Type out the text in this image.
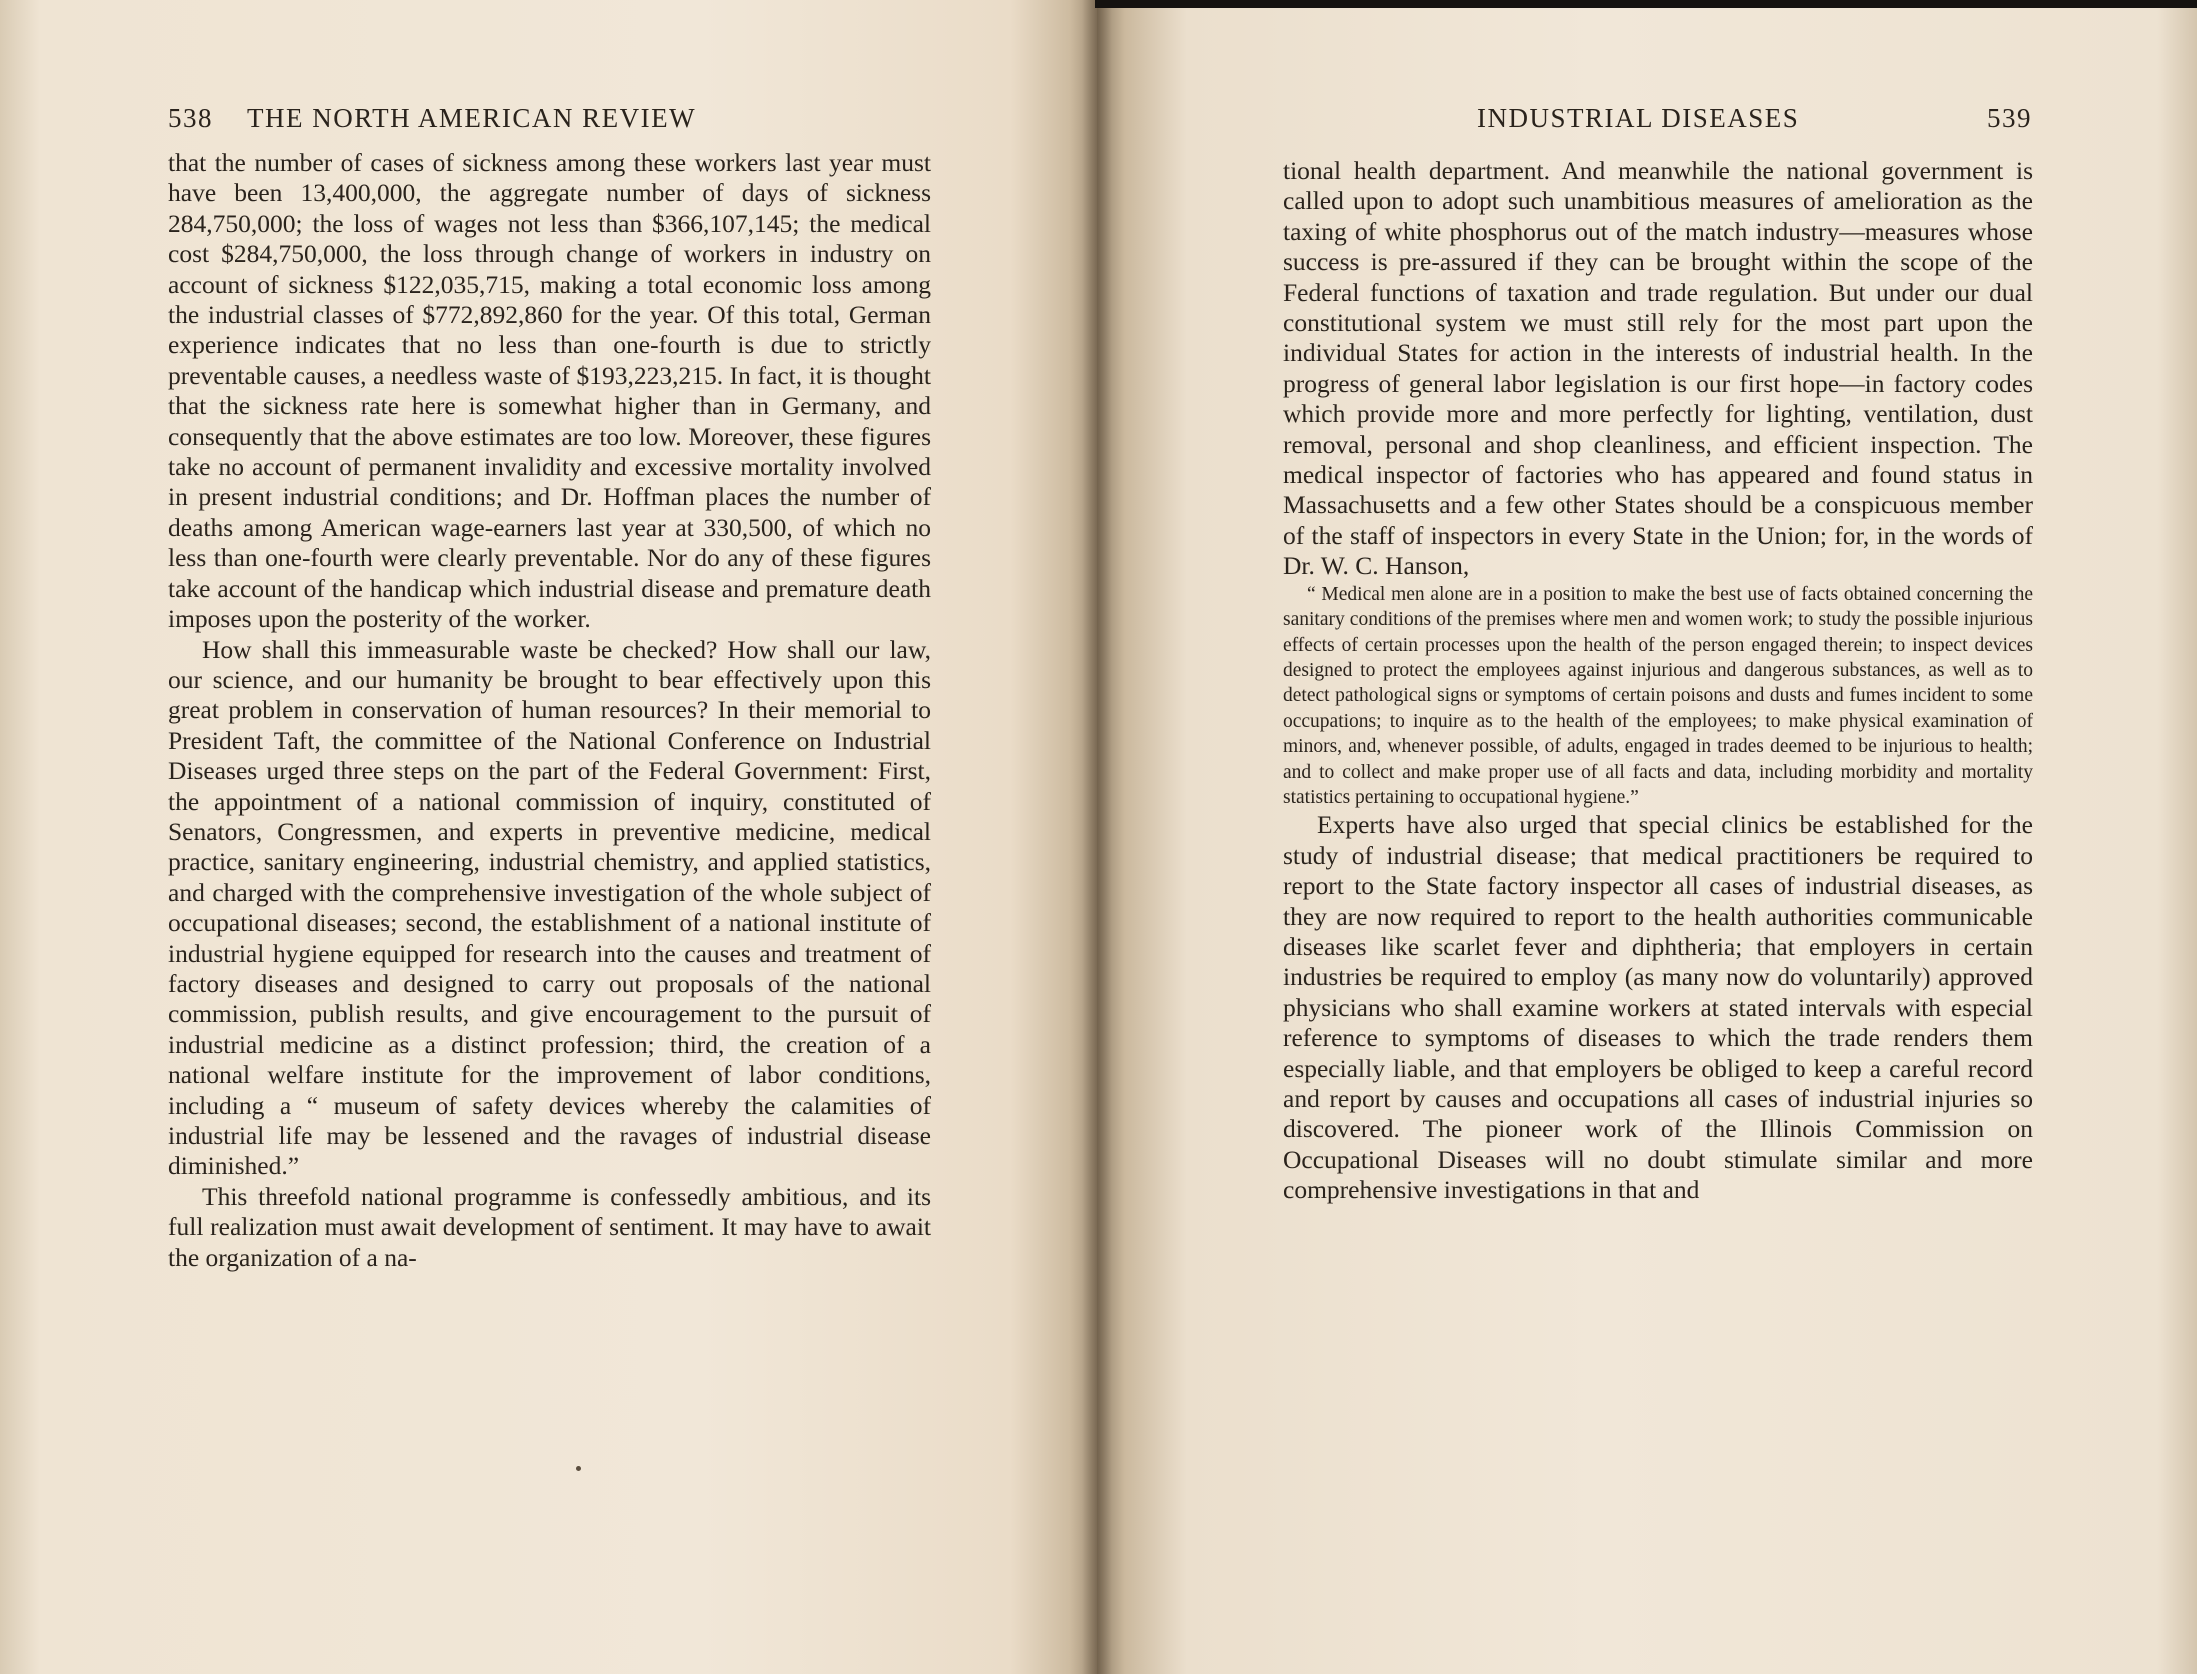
538 THE NORTH AMERICAN REVIEW

that the number of cases of sickness among these workers last year must have been 13,400,000, the aggregate number of days of sickness 284,750,000; the loss of wages not less than $366,107,145; the medical cost $284,750,000, the loss through change of workers in industry on account of sickness $122,035,715, making a total economic loss among the industrial classes of $772,892,860 for the year. Of this total, German experience indicates that no less than one-fourth is due to strictly preventable causes, a needless waste of $193,223,215. In fact, it is thought that the sickness rate here is somewhat higher than in Germany, and consequently that the above estimates are too low. Moreover, these figures take no account of permanent invalidity and excessive mortality involved in present industrial conditions; and Dr. Hoffman places the number of deaths among American wage-earners last year at 330,500, of which no less than one-fourth were clearly preventable. Nor do any of these figures take account of the handicap which industrial disease and premature death imposes upon the posterity of the worker.

How shall this immeasurable waste be checked? How shall our law, our science, and our humanity be brought to bear effectively upon this great problem in conservation of human resources? In their memorial to President Taft, the committee of the National Conference on Industrial Diseases urged three steps on the part of the Federal Government: First, the appointment of a national commission of inquiry, constituted of Senators, Congressmen, and experts in preventive medicine, medical practice, sanitary engineering, industrial chemistry, and applied statistics, and charged with the comprehensive investigation of the whole subject of occupational diseases; second, the establishment of a national institute of industrial hygiene equipped for research into the causes and treatment of factory diseases and designed to carry out proposals of the national commission, publish results, and give encouragement to the pursuit of industrial medicine as a distinct profession; third, the creation of a national welfare institute for the improvement of labor conditions, including a “ museum of safety devices whereby the calamities of industrial life may be lessened and the ravages of industrial disease diminished.”

This threefold national programme is confessedly ambitious, and its full realization must await development of sentiment. It may have to await the organization of a na-

INDUSTRIAL DISEASES	539

tional health department. And meanwhile the national government is called upon to adopt such unambitious measures of amelioration as the taxing of white phosphorus out of the match industry—measures whose success is pre-assured if they can be brought within the scope of the Federal functions of taxation and trade regulation. But under our dual constitutional system we must still rely for the most part upon the individual States for action in the interests of industrial health. In the progress of general labor legislation is our first hope—in factory codes which provide more and more perfectly for lighting, ventilation, dust removal, personal and shop cleanliness, and efficient inspection. The medical inspector of factories who has appeared and found status in Massachusetts and a few other States should be a conspicuous member of the staff of inspectors in every State in the Union; for, in the words of Dr. W. C. Hanson,

“ Medical men alone are in a position to make the best use of facts obtained concerning the sanitary conditions of the premises where men and women work; to study the possible injurious effects of certain processes upon the health of the person engaged therein; to inspect devices designed to protect the employees against injurious and dangerous substances, as well as to detect pathological signs or symptoms of certain poisons and dusts and fumes incident to some occupations; to inquire as to the health of the employees; to make physical examination of minors, and, whenever possible, of adults, engaged in trades deemed to be injurious to health; and to collect and make proper use of all facts and data, including morbidity and mortality statistics pertaining to occupational hygiene.”

Experts have also urged that special clinics be established for the study of industrial disease; that medical practitioners be required to report to the State factory inspector all cases of industrial diseases, as they are now required to report to the health authorities communicable diseases like scarlet fever and diphtheria; that employers in certain industries be required to employ (as many now do voluntarily) approved physicians who shall examine workers at stated intervals with especial reference to symptoms of diseases to which the trade renders them especially liable, and that employers be obliged to keep a careful record and report by causes and occupations all cases of industrial injuries so discovered. The pioneer work of the Illinois Commission on Occupational Diseases will no doubt stimulate similar and more comprehensive investigations in that and
